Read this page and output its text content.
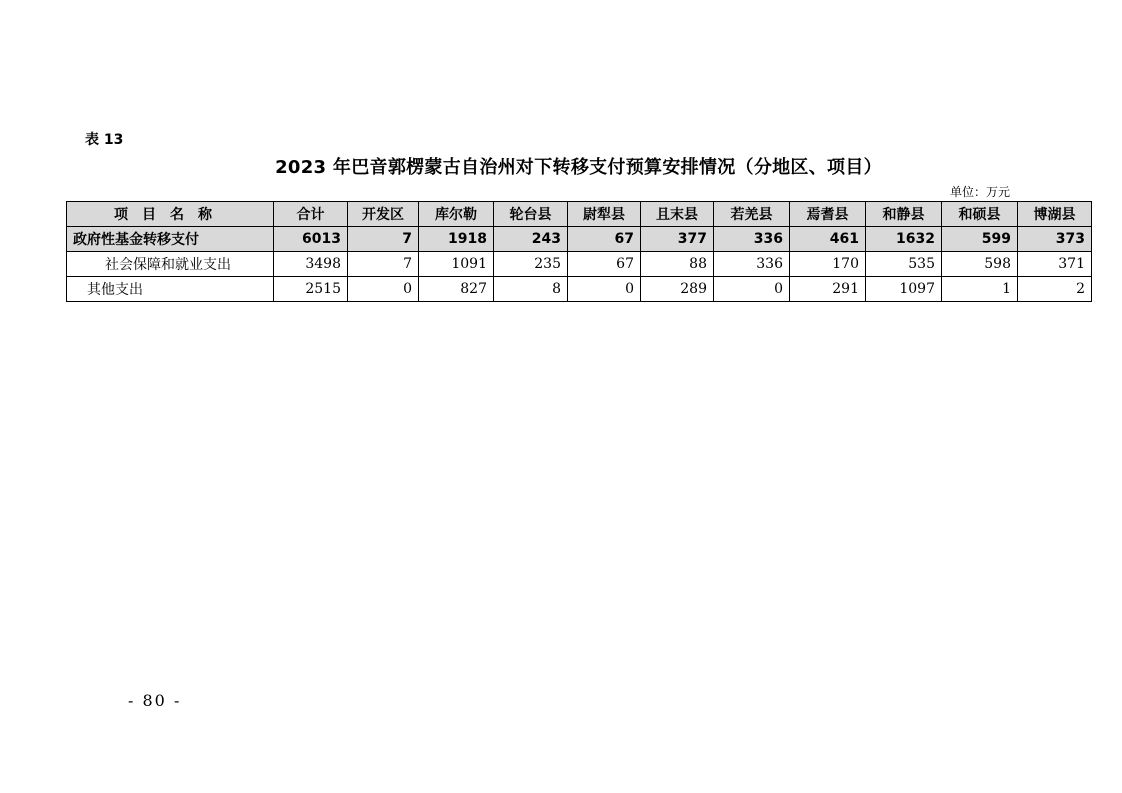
表 13
2023 年巴音郭楞蒙古自治州对下转移支付预算安排情况（分地区、项目）
单位：万元
项目名称	合计	开发区	库尔勒	轮台县	尉犁县	且末县	若羌县	焉耆县	和静县	和硕县	博湖县
政府性基金转移支付	6013	7	1918	243	67	377	336	461	1632	599	373
社会保障和就业支出	3498	7	1091	235	67	88	336	170	535	598	371
其他支出	2515	0	827	8	0	289	0	291	1097	1	2
- 80 -
